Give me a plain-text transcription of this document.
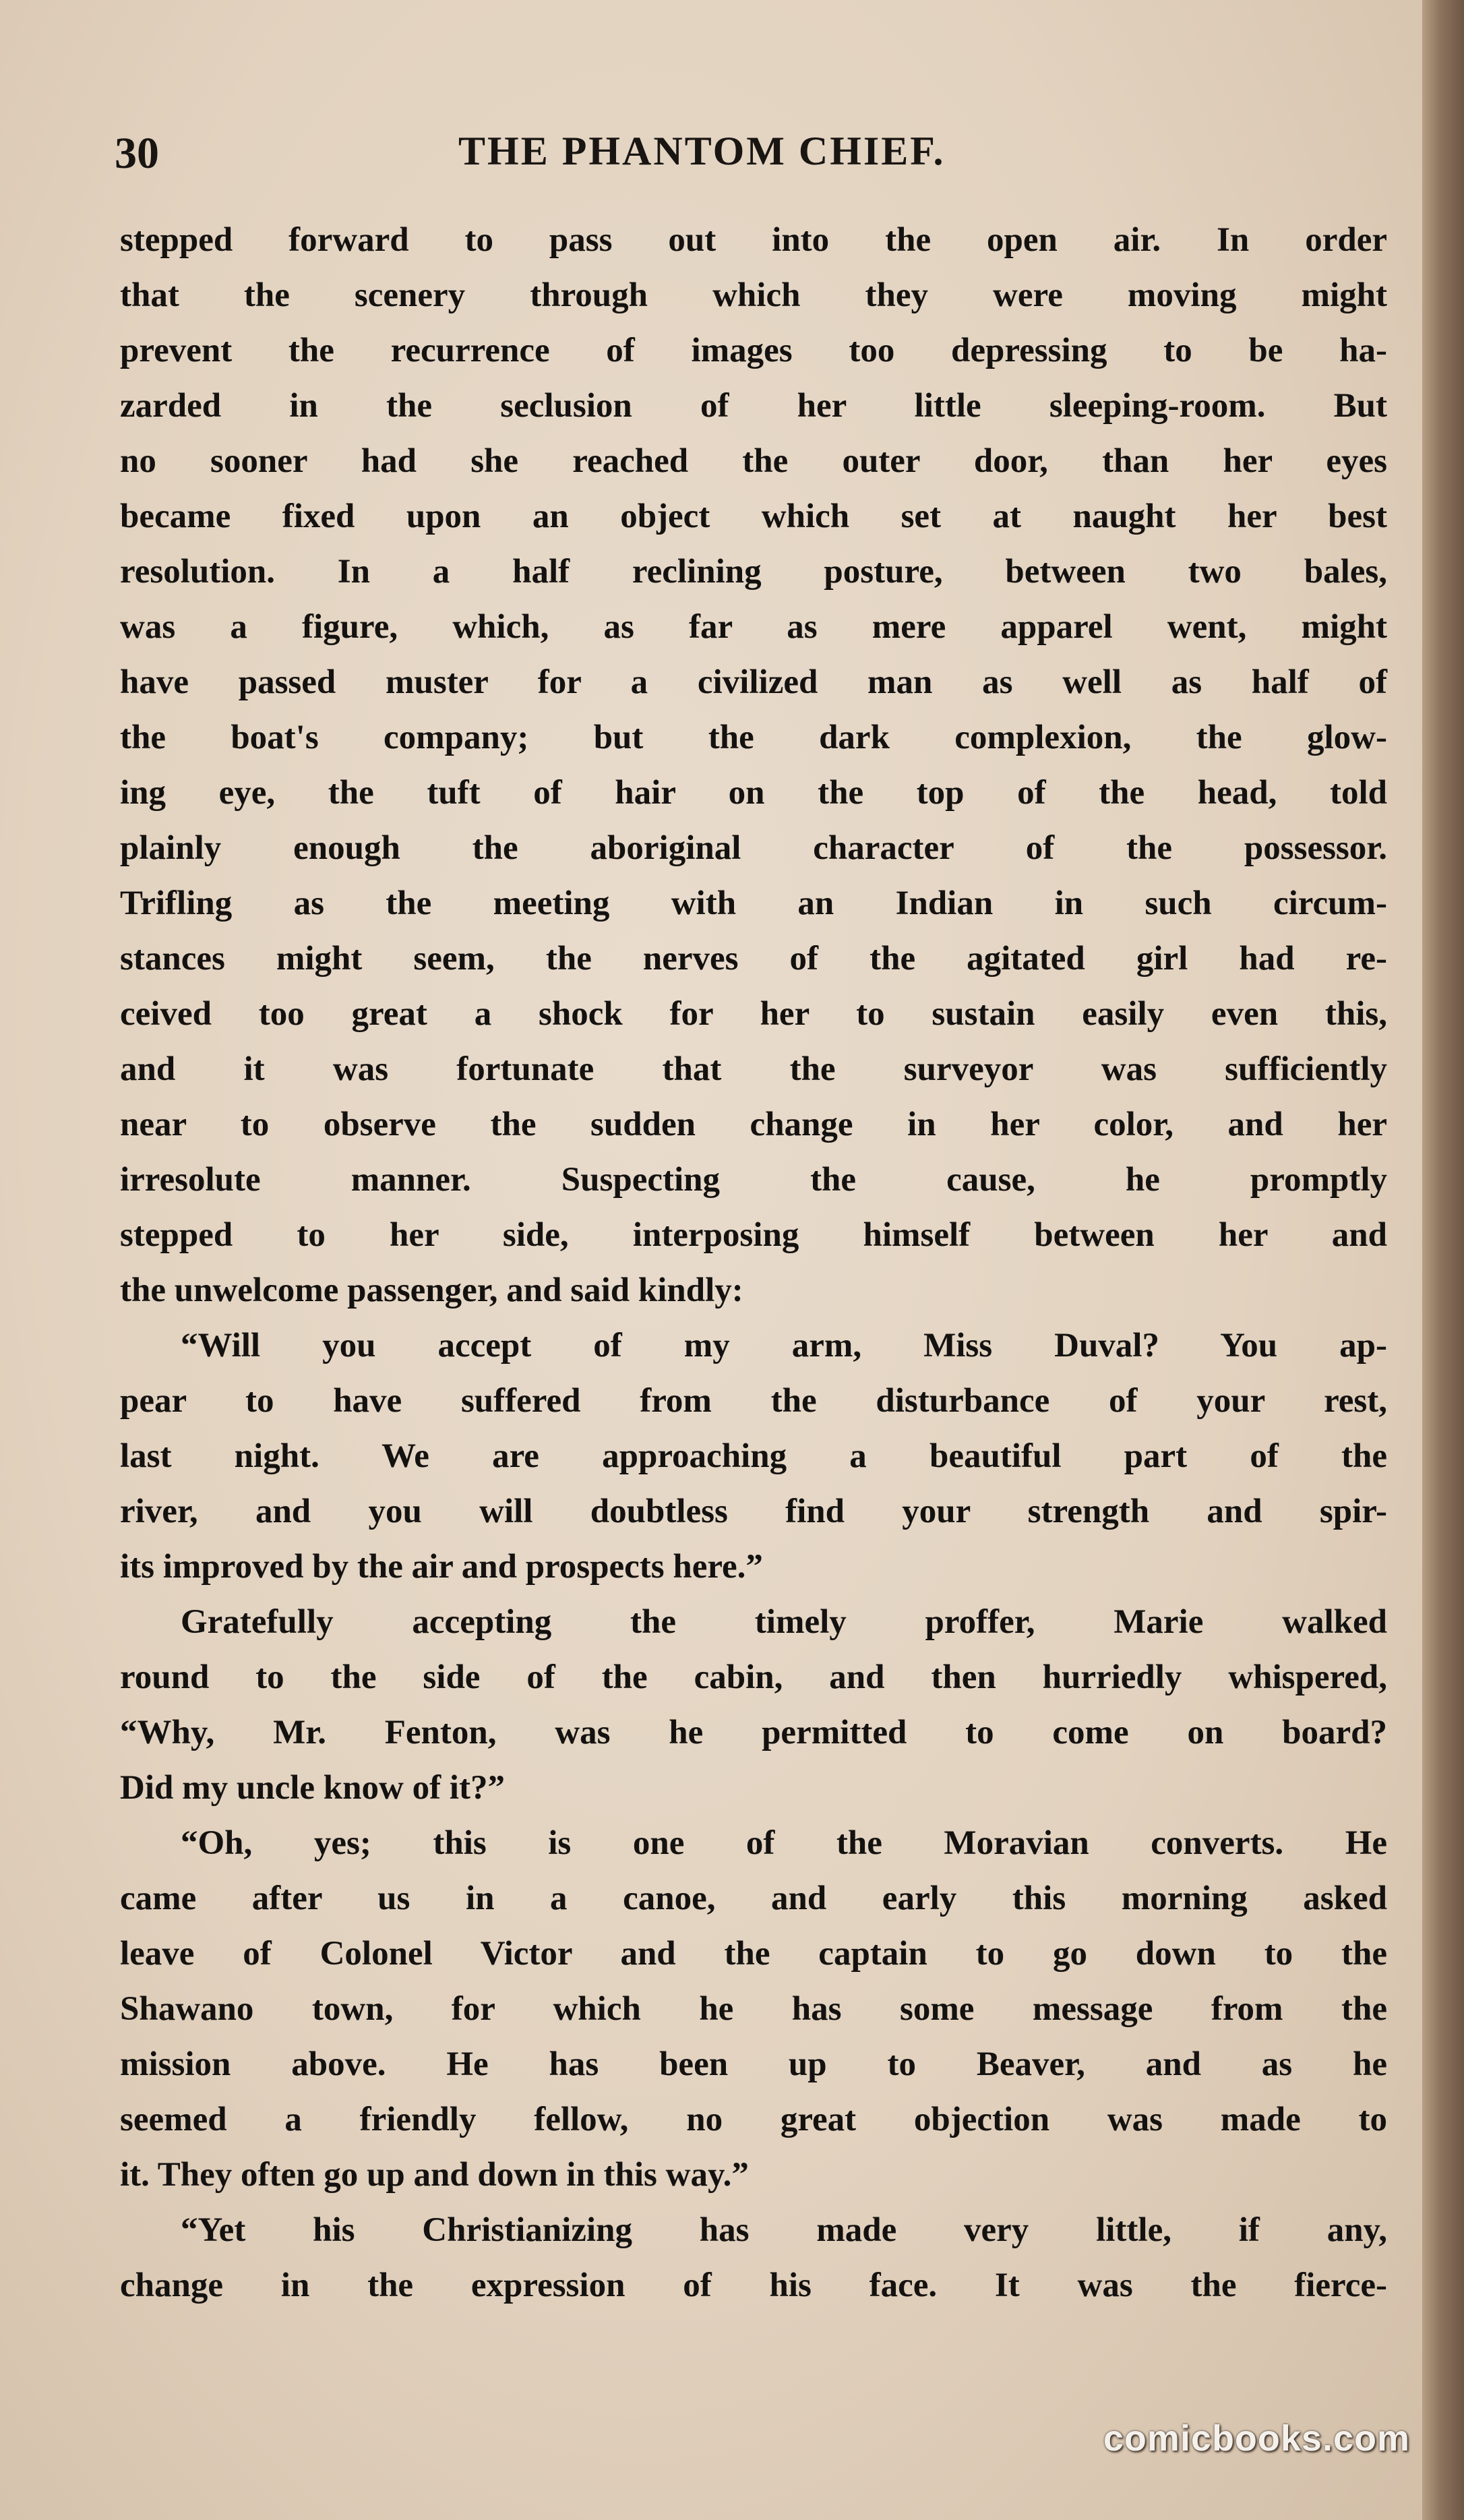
30	THE PHANTOM CHIEF.
stepped forward to pass out into the open air. In order
that the scenery through which they were moving might
prevent the recurrence of images too depressing to be ha-
zarded in the seclusion of her little sleeping-room. But
no sooner had she reached the outer door, than her eyes
became fixed upon an object which set at naught her best
resolution. In a half reclining posture, between two bales,
was a figure, which, as far as mere apparel went, might
have passed muster for a civilized man as well as half of
the boat's company; but the dark complexion, the glow-
ing eye, the tuft of hair on the top of the head, told
plainly enough the aboriginal character of the possessor.
Trifling as the meeting with an Indian in such circum-
stances might seem, the nerves of the agitated girl had re-
ceived too great a shock for her to sustain easily even this,
and it was fortunate that the surveyor was sufficiently
near to observe the sudden change in her color, and her
irresolute manner. Suspecting the cause, he promptly
stepped to her side, interposing himself between her and
the unwelcome passenger, and said kindly:
“Will you accept of my arm, Miss Duval? You ap-
pear to have suffered from the disturbance of your rest,
last night. We are approaching a beautiful part of the
river, and you will doubtless find your strength and spir-
its improved by the air and prospects here.”
Gratefully accepting the timely proffer, Marie walked
round to the side of the cabin, and then hurriedly whispered,
“Why, Mr. Fenton, was he permitted to come on board?
Did my uncle know of it?”
“Oh, yes; this is one of the Moravian converts. He
came after us in a canoe, and early this morning asked
leave of Colonel Victor and the captain to go down to the
Shawano town, for which he has some message from the
mission above. He has been up to Beaver, and as he
seemed a friendly fellow, no great objection was made to
it. They often go up and down in this way.”
“Yet his Christianizing has made very little, if any,
change in the expression of his face. It was the fierce-
comicbooks.com
